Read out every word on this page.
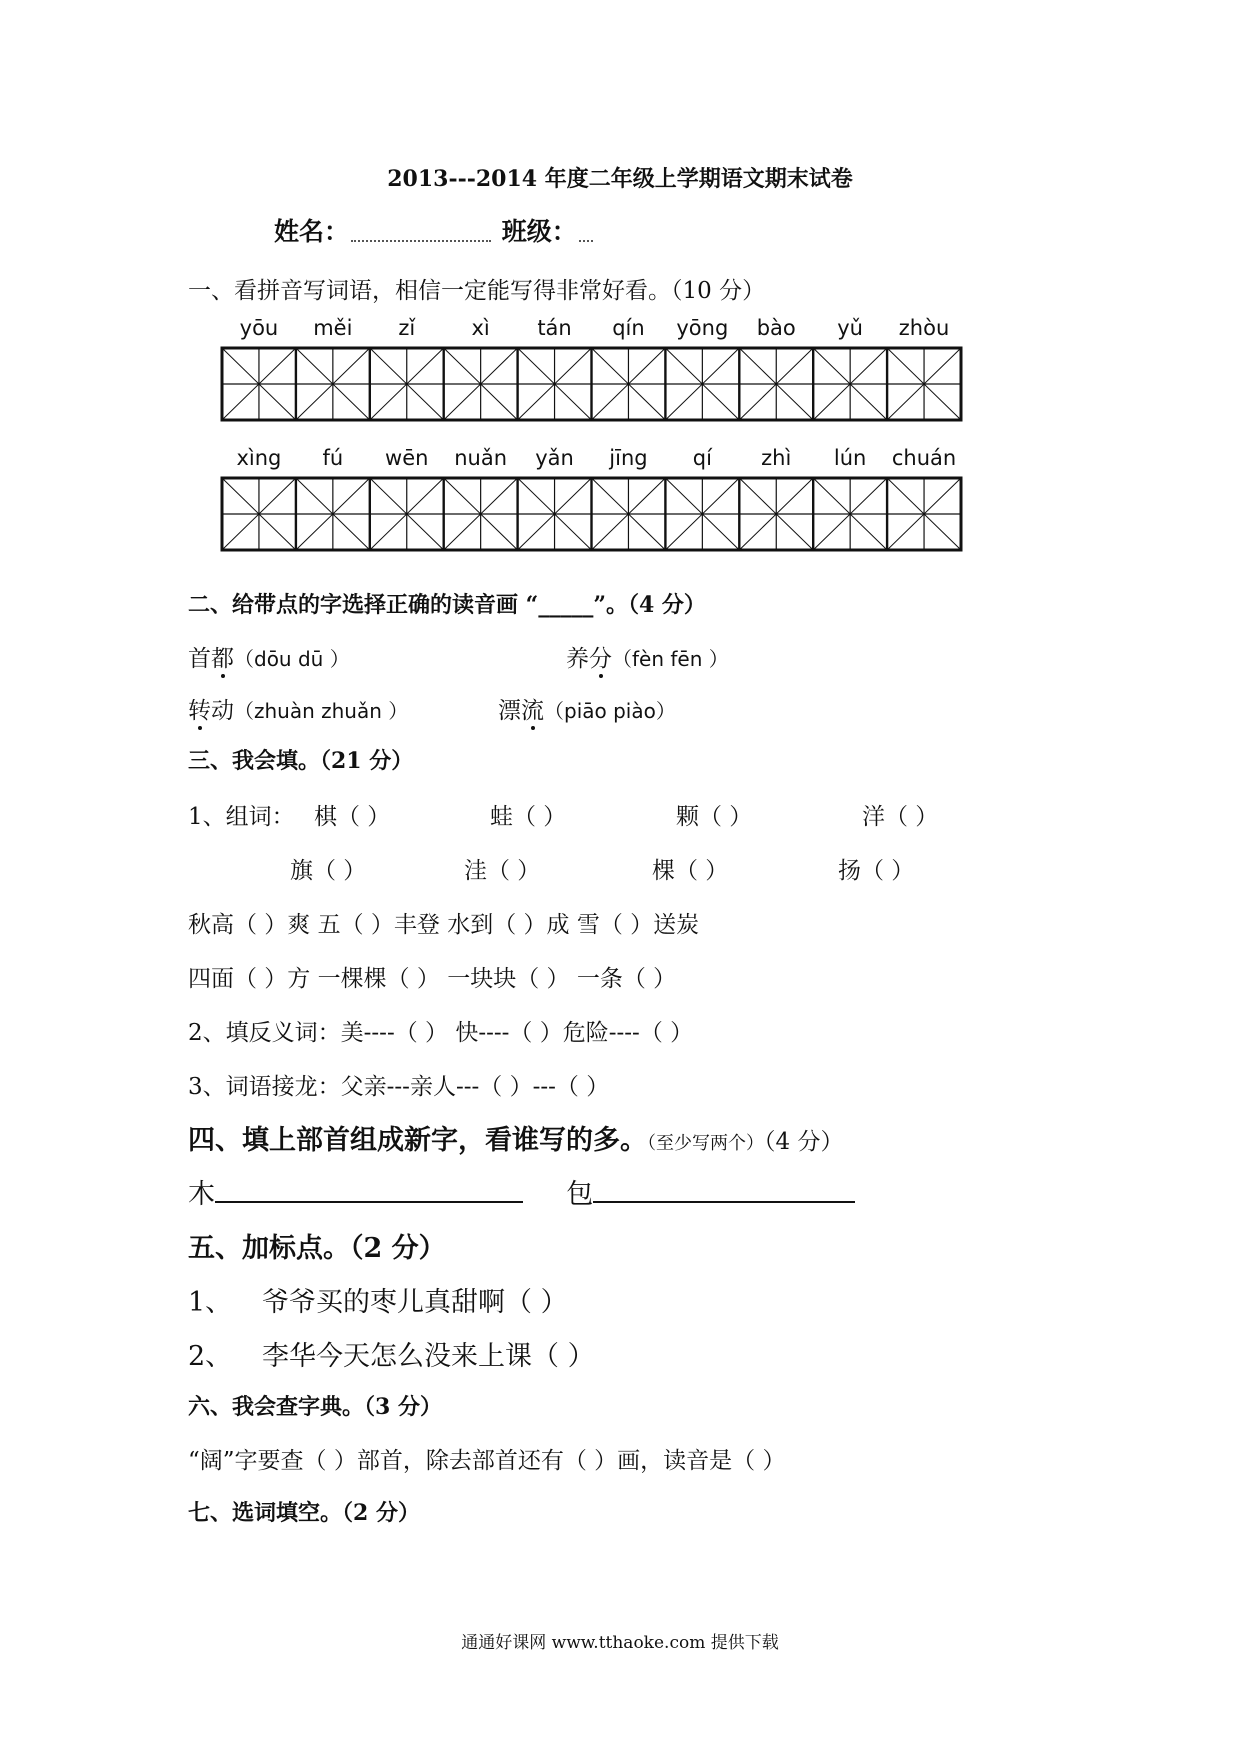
2013---2014 年度二年级上学期语文期末试卷
姓名：	班级：
一、看拼音写词语，相信一定能写得非常好看。（10 分）
yōu	měi	zǐ	xì	tán	qín	yōng	bào	yǔ	zhòu
xìng	fú	wēn	nuǎn	yǎn	jīng	qí	zhì	lún	chuán
二、给带点的字选择正确的读音画 “_____”。（4 分）
首都（dōu dū ）	养分（fèn fēn ）
转动（zhuàn zhuǎn ）	漂流（piāo piào）
三、我会填。（21 分）
1、组词： 棋（ ）	蛙（ ）	颗（ ）	洋（ ）
旗（ ）	洼（ ）	棵（ ）	扬（ ）
秋高（ ）爽 五（ ）丰登 水到（ ）成 雪（ ）送炭
四面（ ）方 一棵棵（ ） 一块块（ ） 一条（ ）
2、填反义词：美----（ ） 快----（ ）危险----（ ）
3、词语接龙：父亲---亲人---（ ）---（ ）
四、填上部首组成新字，看谁写的多。（至少写两个）（4 分）
木	包
五、加标点。（2 分）
1、 爷爷买的枣儿真甜啊（ ）
2、 李华今天怎么没来上课（ ）
六、我会查字典。（3 分）
“阔”字要查（ ）部首，除去部首还有（ ）画，读音是（ ）
七、选词填空。（2 分）
通通好课网 www.tthaoke.com 提供下载
